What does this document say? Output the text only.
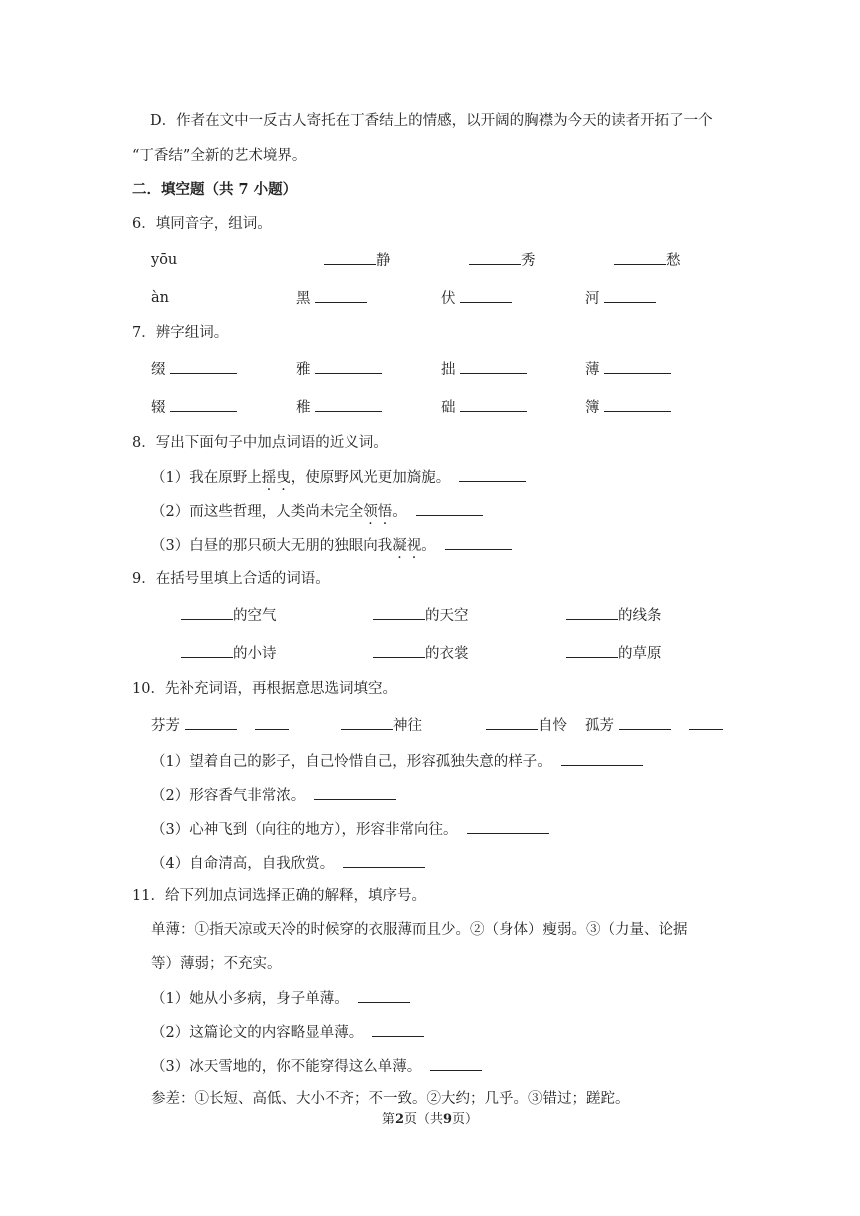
D．作者在文中一反古人寄托在丁香结上的情感，以开阔的胸襟为今天的读者开拓了一个
“丁香结”全新的艺术境界。
二．填空题（共 7 小题）
6．填同音字，组词。
yōu	静	秀	愁
àn	黑	伏	河
7．辨字组词。
缀	雅	拙	薄
辍	稚	础	簿
8．写出下面句子中加点词语的近义词。
（1）我在原野上摇曳，使原野风光更加旖旎。
（2）而这些哲理，人类尚未完全领悟。
（3）白昼的那只硕大无朋的独眼向我凝视。
9．在括号里填上合适的词语。
的空气	的天空	的线条
的小诗	的衣裳	的草原
10．先补充词语，再根据意思选词填空。
芬芳	神往	自怜 孤芳
（1）望着自己的影子，自己怜惜自己，形容孤独失意的样子。
（2）形容香气非常浓。
（3）心神飞到（向往的地方），形容非常向往。
（4）自命清高，自我欣赏。
11．给下列加点词选择正确的解释，填序号。
单薄：①指天凉或天冷的时候穿的衣服薄而且少。②（身体）瘦弱。③（力量、论据
等）薄弱；不充实。
（1）她从小多病，身子单薄。
（2）这篇论文的内容略显单薄。
（3）冰天雪地的，你不能穿得这么单薄。
参差：①长短、高低、大小不齐；不一致。②大约；几乎。③错过；蹉跎。
第2页（共9页）
